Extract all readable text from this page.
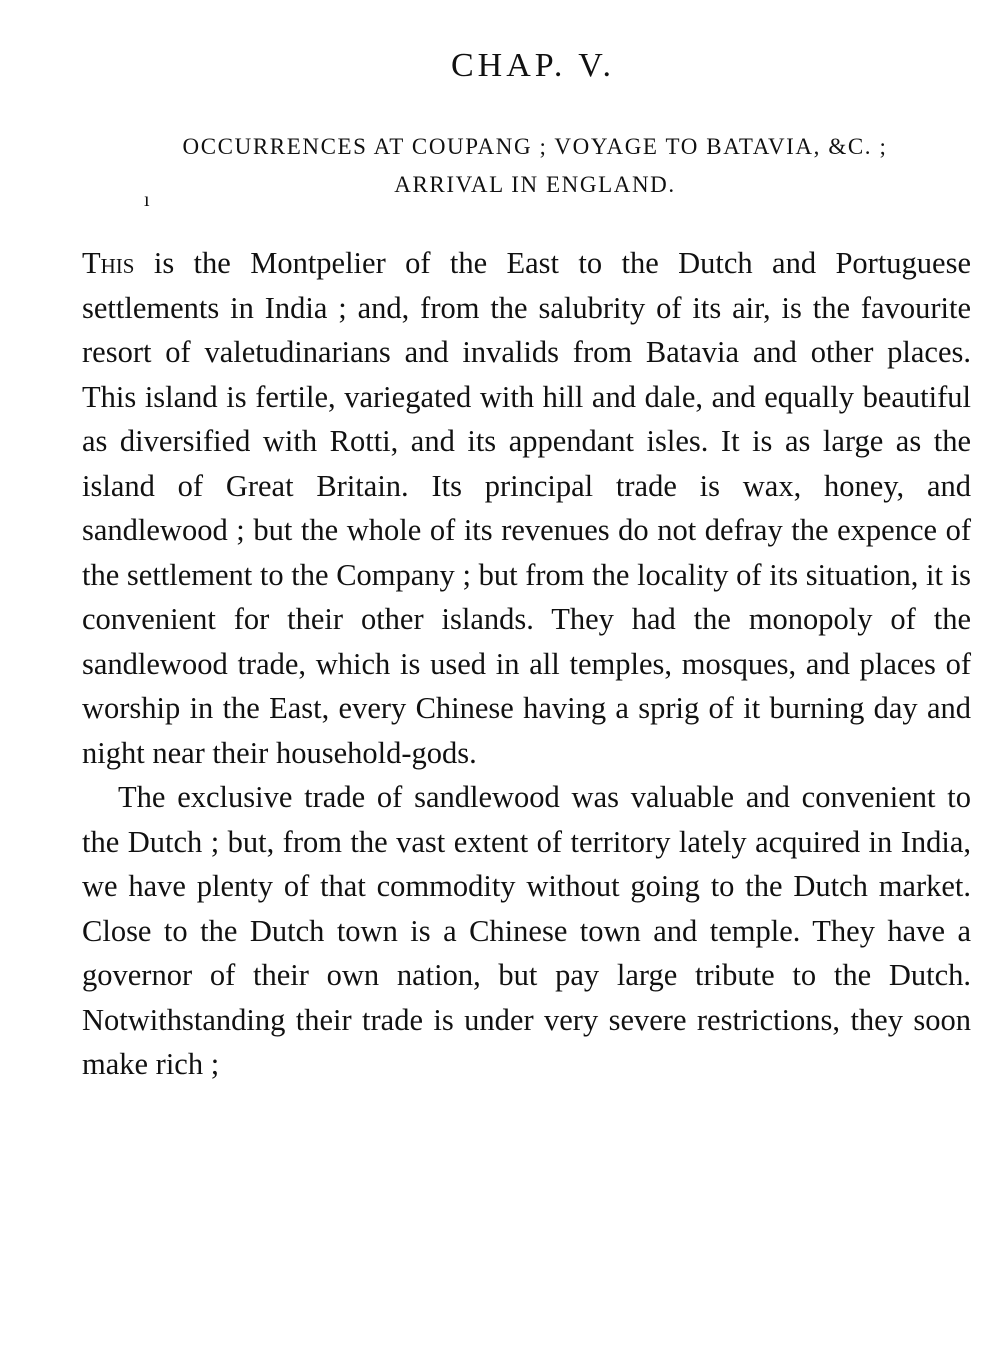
CHAP. V.
OCCURRENCES AT COUPANG ; VOYAGE TO BATAVIA, &C. ;
ARRIVAL IN ENGLAND.
ı

This is the Montpelier of the East to the Dutch and Portuguese settlements in India ; and, from the salubrity of its air, is the favourite resort of valetudinarians and invalids from Batavia and other places. This island is fertile, variegated with hill and dale, and equally beautiful as diversified with Rotti, and its appendant isles. It is as large as the island of Great Britain. Its principal trade is wax, honey, and sandlewood ; but the whole of its revenues do not defray the expence of the settlement to the Company ; but from the locality of its situation, it is convenient for their other islands. They had the monopoly of the sandlewood trade, which is used in all temples, mosques, and places of worship in the East, every Chinese having a sprig of it burning day and night near their household-gods.

The exclusive trade of sandlewood was valuable and convenient to the Dutch ; but, from the vast extent of territory lately acquired in India, we have plenty of that commodity without going to the Dutch market. Close to the Dutch town is a Chinese town and temple. They have a governor of their own nation, but pay large tribute to the Dutch. Notwithstanding their trade is under very severe restrictions, they soon make rich ;
